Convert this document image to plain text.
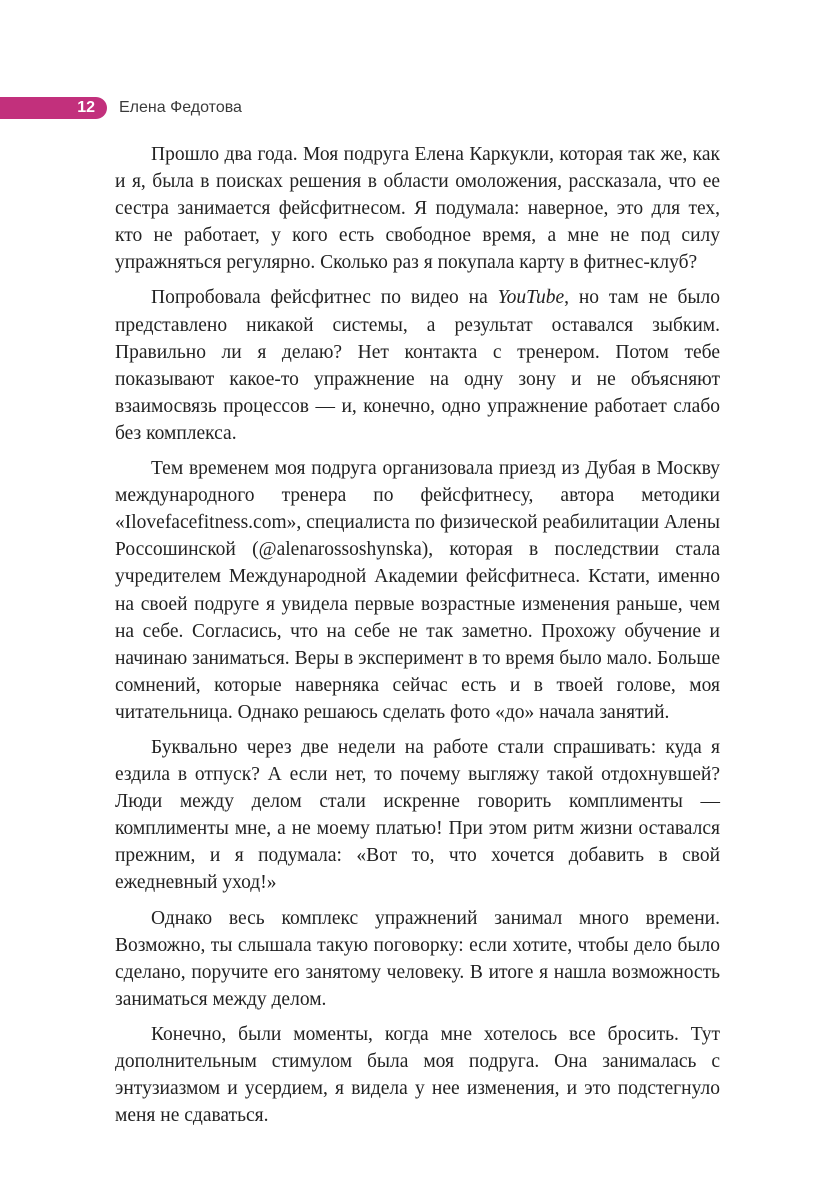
12 Елена Федотова

Прошло два года. Моя подруга Елена Каркукли, которая так же, как и я, была в поисках решения в области омоложения, рассказала, что ее сестра занимается фейсфитнесом. Я подумала: наверное, это для тех, кто не работает, у кого есть свободное время, а мне не под силу упражняться регулярно. Сколько раз я покупала карту в фитнес-клуб?

Попробовала фейсфитнес по видео на YouTube, но там не было представлено никакой системы, а результат оставался зыбким. Правильно ли я делаю? Нет контакта с тренером. Потом тебе показывают какое-то упражнение на одну зону и не объясняют взаимосвязь процессов — и, конечно, одно упражнение работает слабо без комплекса.

Тем временем моя подруга организовала приезд из Дубая в Москву международного тренера по фейсфитнесу, автора методики «Ilovefacefitness.com», специалиста по физической реабилитации Алены Россошинской (@alenarossoshynska), которая в последствии стала учредителем Международной Академии фейсфитнеса. Кстати, именно на своей подруге я увидела первые возрастные изменения раньше, чем на себе. Согласись, что на себе не так заметно. Прохожу обучение и начинаю заниматься. Веры в эксперимент в то время было мало. Больше сомнений, которые наверняка сейчас есть и в твоей голове, моя читательница. Однако решаюсь сделать фото «до» начала занятий.

Буквально через две недели на работе стали спрашивать: куда я ездила в отпуск? А если нет, то почему выгляжу такой отдохнувшей? Люди между делом стали искренне говорить комплименты — комплименты мне, а не моему платью! При этом ритм жизни оставался прежним, и я подумала: «Вот то, что хочется добавить в свой ежедневный уход!»

Однако весь комплекс упражнений занимал много времени. Возможно, ты слышала такую поговорку: если хотите, чтобы дело было сделано, поручите его занятому человеку. В итоге я нашла возможность заниматься между делом.

Конечно, были моменты, когда мне хотелось все бросить. Тут дополнительным стимулом была моя подруга. Она занималась с энтузиазмом и усердием, я видела у нее изменения, и это подстегнуло меня не сдаваться.
